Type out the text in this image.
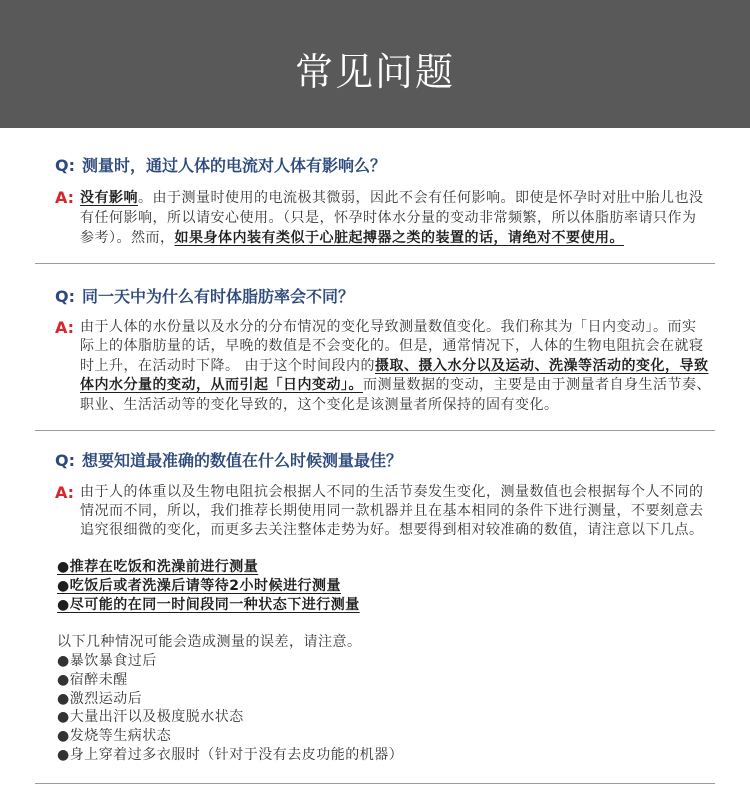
常见问题
Q: 测量时，通过人体的电流对人体有影响么？
A: 没有影响。由于测量时使用的电流极其微弱，因此不会有任何影响。即使是怀孕时对肚中胎儿也没
有任何影响，所以请安心使用。（只是，怀孕时体水分量的变动非常频繁，所以体脂肪率请只作为
参考）。然而，如果身体内装有类似于心脏起搏器之类的装置的话，请绝对不要使用。
Q: 同一天中为什么有时体脂肪率会不同？
A: 由于人体的水份量以及水分的分布情况的变化导致测量数值变化。我们称其为「日内变动」。而实
际上的体脂肪量的话，早晚的数值是不会变化的。但是，通常情况下，人体的生物电阻抗会在就寝
时上升，在活动时下降。 由于这个时间段内的摄取、摄入水分以及运动、洗澡等活动的变化，导致
体内水分量的变动，从而引起「日内变动」。而测量数据的变动，主要是由于测量者自身生活节奏、
职业、生活活动等的变化导致的，这个变化是该测量者所保持的固有变化。
Q: 想要知道最准确的数值在什么时候测量最佳？
A: 由于人的体重以及生物电阻抗会根据人不同的生活节奏发生变化，测量数值也会根据每个人不同的
情况而不同，所以，我们推荐长期使用同一款机器并且在基本相同的条件下进行测量，不要刻意去
追究很细微的变化，而更多去关注整体走势为好。想要得到相对较准确的数值，请注意以下几点。
●推荐在吃饭和洗澡前进行测量
●吃饭后或者洗澡后请等待2小时候进行测量
●尽可能的在同一时间段同一种状态下进行测量
以下几种情况可能会造成测量的误差，请注意。
●暴饮暴食过后
●宿醉未醒
●激烈运动后
●大量出汗以及极度脱水状态
●发烧等生病状态
●身上穿着过多衣服时（针对于没有去皮功能的机器）
